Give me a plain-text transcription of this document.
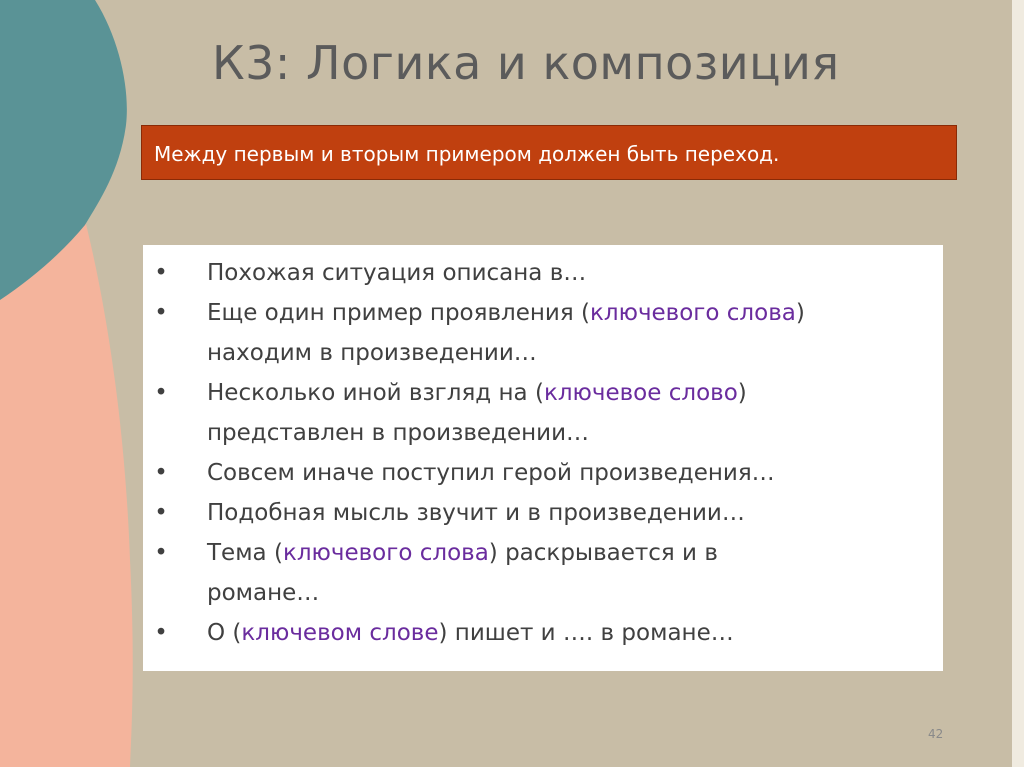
К3: Логика и композиция
Между первым и вторым примером должен быть переход.
• Похожая ситуация описана в…
• Еще один пример проявления (ключевого слова)
находим в произведении…
• Несколько иной взгляд на (ключевое слово)
представлен в произведении…
• Совсем иначе поступил герой произведения…
• Подобная мысль звучит и в произведении…
• Тема (ключевого слова) раскрывается и в
романе…
• О (ключевом слове) пишет и …. в романе…
42
